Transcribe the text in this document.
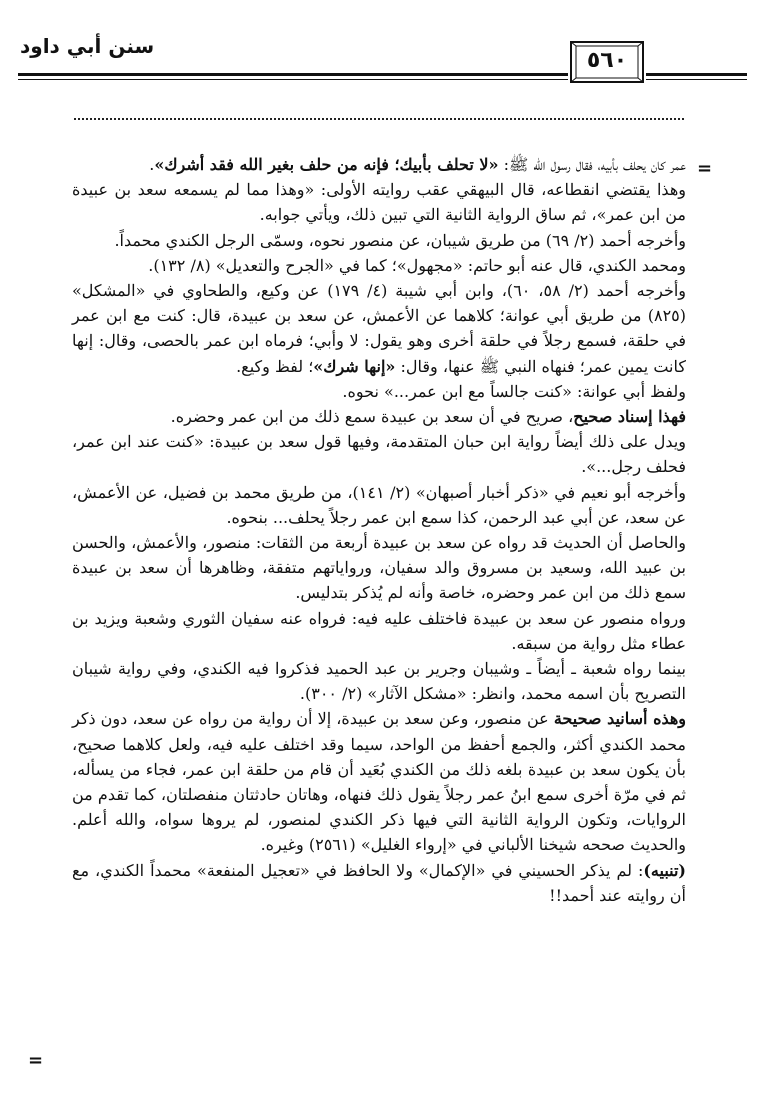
سنن أبي داود
٥٦٠
=
=

عمر كان يحلف بأبيه، فقال رسول الله ﷺ: «لا تحلف بأبيك؛ فإنه من حلف بغير الله فقد أشرك».

وهذا يقتضي انقطاعه، قال البيهقي عقب روايته الأولى: «وهذا مما لم يسمعه سعد بن عبيدة من ابن عمر»، ثم ساق الرواية الثانية التي تبين ذلك، ويأتي جوابه.

وأخرجه أحمد (٢/ ٦٩) من طريق شيبان، عن منصور نحوه، وسمّى الرجل الكندي محمداً.

ومحمد الكندي، قال عنه أبو حاتم: «مجهول»؛ كما في «الجرح والتعديل» (٨/ ١٣٢).

وأخرجه أحمد (٢/ ٥٨، ٦٠)، وابن أبي شيبة (٤/ ١٧٩) عن وكيع، والطحاوي في «المشكل» (٨٢٥) من طريق أبي عوانة؛ كلاهما عن الأعمش، عن سعد بن عبيدة، قال: كنت مع ابن عمر في حلقة، فسمع رجلاً في حلقة أخرى وهو يقول: لا وأبي؛ فرماه ابن عمر بالحصى، وقال: إنها كانت يمين عمر؛ فنهاه النبي ﷺ عنها، وقال: «إنها شرك»؛ لفظ وكيع.

ولفظ أبي عوانة: «كنت جالساً مع ابن عمر...» نحوه.

فهذا إسناد صحيح، صريح في أن سعد بن عبيدة سمع ذلك من ابن عمر وحضره.

ويدل على ذلك أيضاً رواية ابن حبان المتقدمة، وفيها قول سعد بن عبيدة: «كنت عند ابن عمر، فحلف رجل...».

وأخرجه أبو نعيم في «ذكر أخبار أصبهان» (٢/ ١٤١)، من طريق محمد بن فضيل، عن الأعمش، عن سعد، عن أبي عبد الرحمن، كذا سمع ابن عمر رجلاً يحلف... بنحوه.

والحاصل أن الحديث قد رواه عن سعد بن عبيدة أربعة من الثقات: منصور، والأعمش، والحسن بن عبيد الله، وسعيد بن مسروق والد سفيان، ورواياتهم متفقة، وظاهرها أن سعد بن عبيدة سمع ذلك من ابن عمر وحضره، خاصة وأنه لم يُذكر بتدليس.

ورواه منصور عن سعد بن عبيدة فاختلف عليه فيه: فرواه عنه سفيان الثوري وشعبة ويزيد بن عطاء مثل رواية من سبقه.

بينما رواه شعبة ـ أيضاً ـ وشيبان وجرير بن عبد الحميد فذكروا فيه الكندي، وفي رواية شيبان التصريح بأن اسمه محمد، وانظر: «مشكل الآثار» (٢/ ٣٠٠).

وهذه أسانيد صحيحة عن منصور، وعن سعد بن عبيدة، إلا أن رواية من رواه عن سعد، دون ذكر محمد الكندي أكثر، والجمع أحفظ من الواحد، سيما وقد اختلف عليه فيه، ولعل كلاهما صحيح، بأن يكون سعد بن عبيدة بلغه ذلك من الكندي بُعَيد أن قام من حلقة ابن عمر، فجاء من يسأله، ثم في مرّة أخرى سمع ابنُ عمر رجلاً يقول ذلك فنهاه، وهاتان حادثتان منفصلتان، كما تقدم من الروايات، وتكون الرواية الثانية التي فيها ذكر الكندي لمنصور، لم يروها سواه، والله أعلم. والحديث صححه شيخنا الألباني في «إرواء الغليل» (٢٥٦١) وغيره.

(تنبيه): لم يذكر الحسيني في «الإكمال» ولا الحافظ في «تعجيل المنفعة» محمداً الكندي، مع أن روايته عند أحمد!!
